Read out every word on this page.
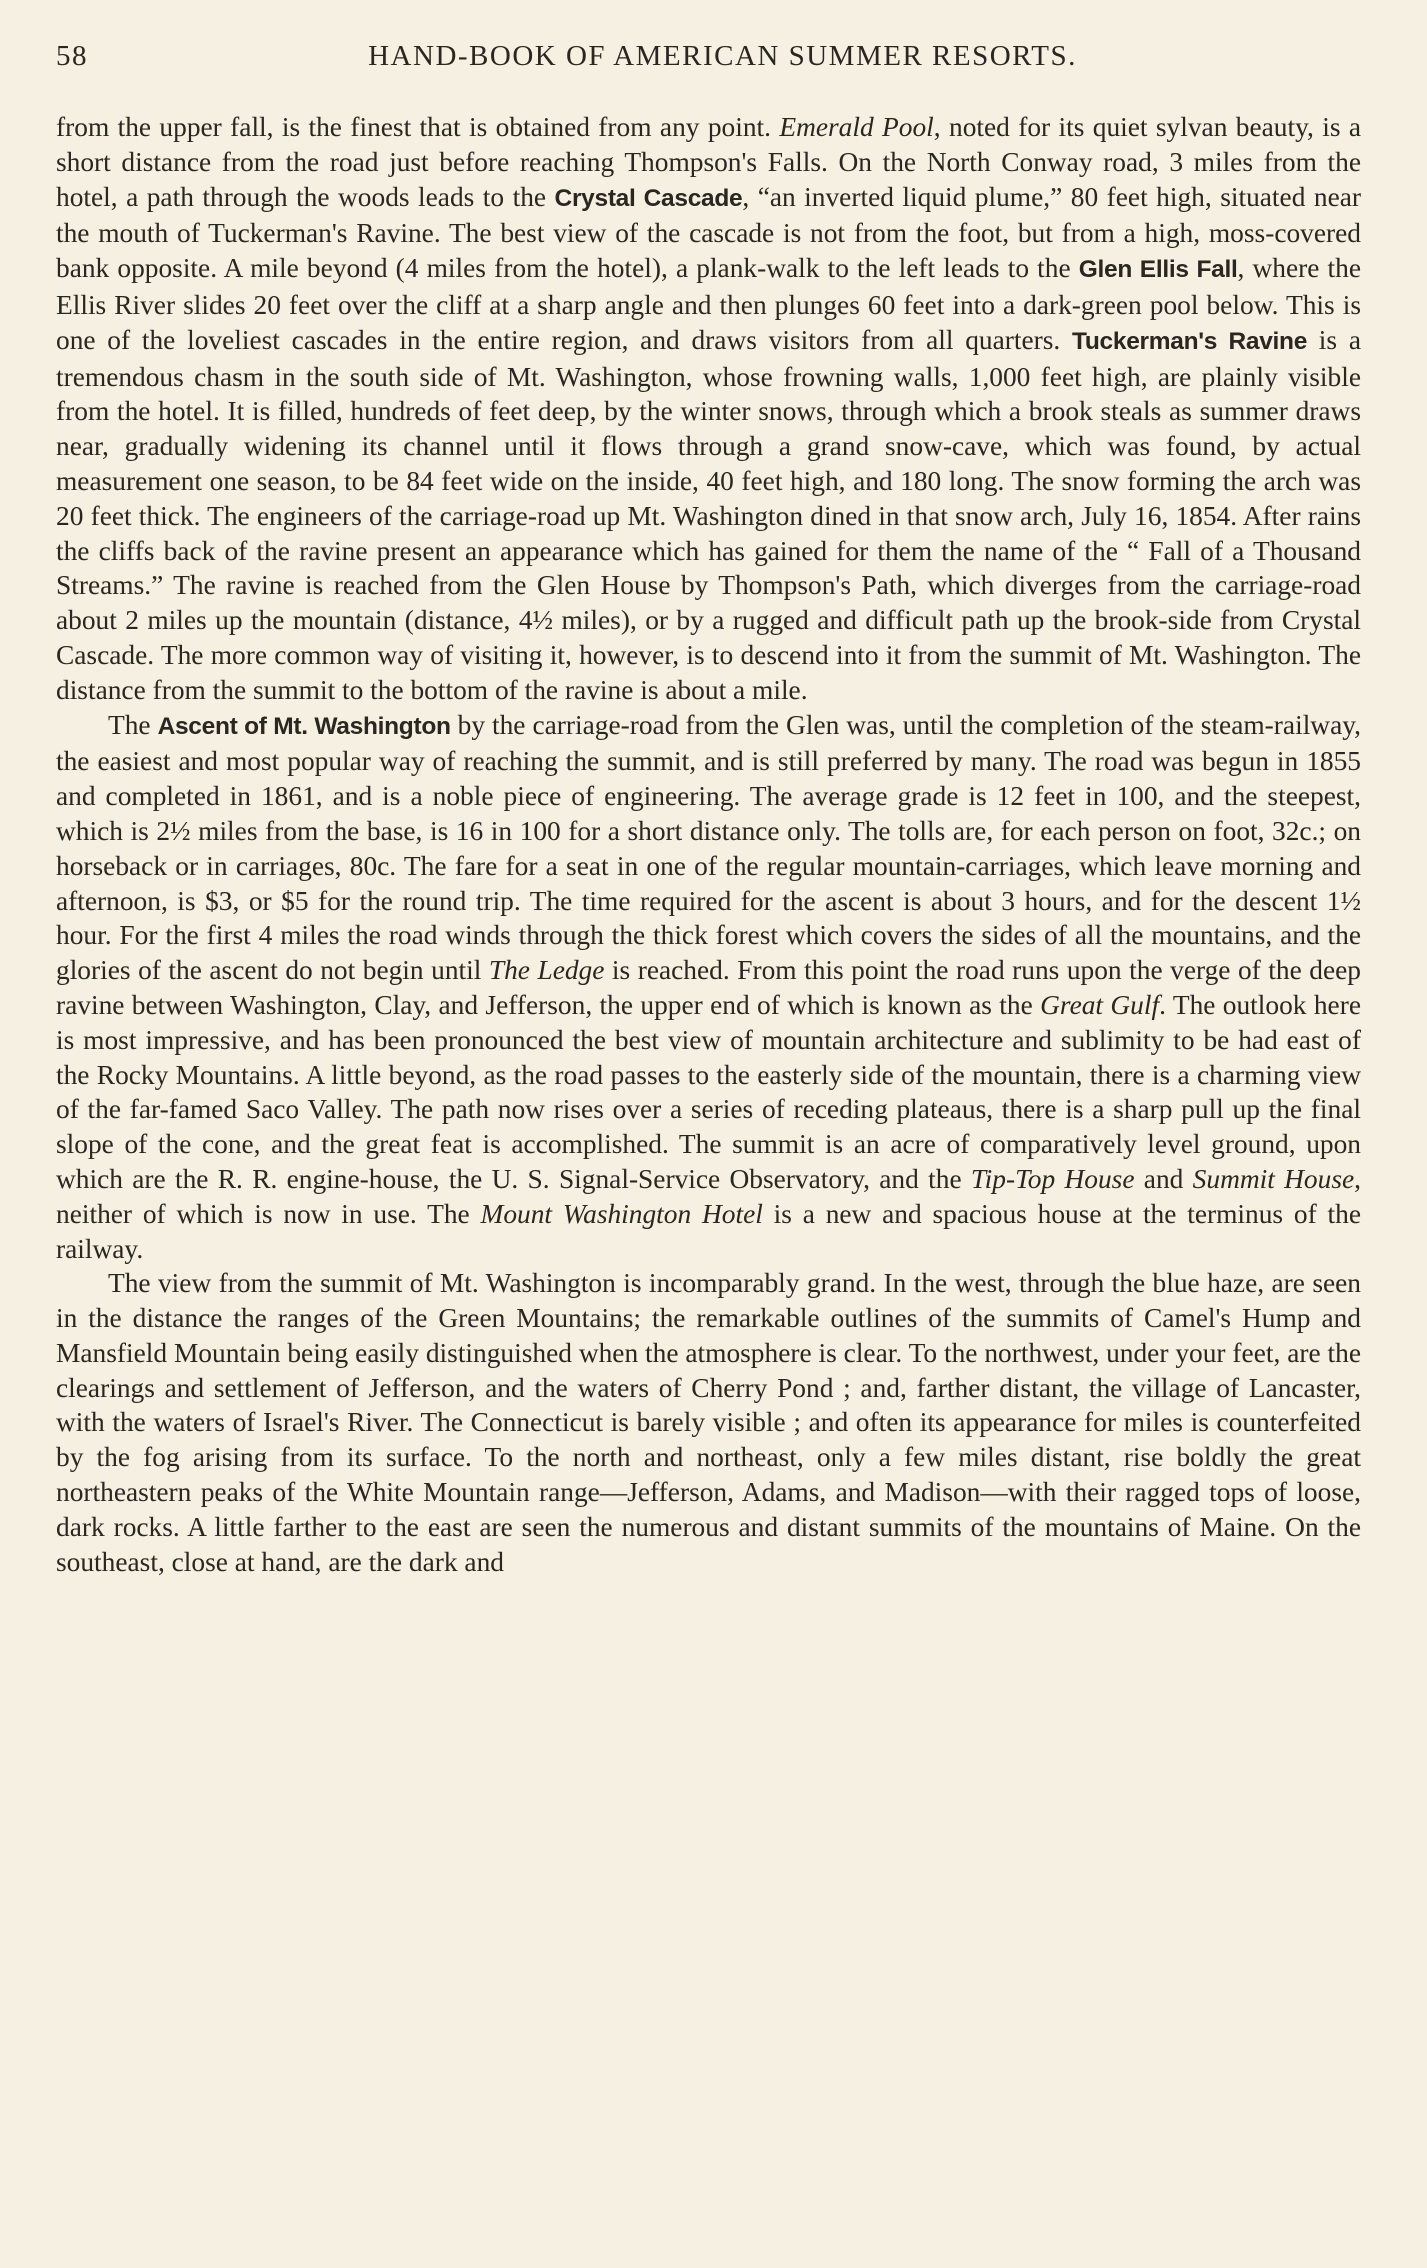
58	HAND-BOOK OF AMERICAN SUMMER RESORTS.

from the upper fall, is the finest that is obtained from any point. Emerald Pool, noted for its quiet sylvan beauty, is a short distance from the road just before reaching Thompson's Falls. On the North Conway road, 3 miles from the hotel, a path through the woods leads to the Crystal Cascade, “an inverted liquid plume,” 80 feet high, situated near the mouth of Tuckerman's Ravine. The best view of the cascade is not from the foot, but from a high, moss-covered bank opposite. A mile beyond (4 miles from the hotel), a plank-walk to the left leads to the Glen Ellis Fall, where the Ellis River slides 20 feet over the cliff at a sharp angle and then plunges 60 feet into a dark-green pool below. This is one of the loveliest cascades in the entire region, and draws visitors from all quarters. Tuckerman's Ravine is a tremendous chasm in the south side of Mt. Washington, whose frowning walls, 1,000 feet high, are plainly visible from the hotel. It is filled, hundreds of feet deep, by the winter snows, through which a brook steals as summer draws near, gradually widening its channel until it flows through a grand snow-cave, which was found, by actual measurement one season, to be 84 feet wide on the inside, 40 feet high, and 180 long. The snow forming the arch was 20 feet thick. The engineers of the carriage-road up Mt. Washington dined in that snow arch, July 16, 1854. After rains the cliffs back of the ravine present an appearance which has gained for them the name of the “ Fall of a Thousand Streams.” The ravine is reached from the Glen House by Thompson's Path, which diverges from the carriage-road about 2 miles up the mountain (distance, 4½ miles), or by a rugged and difficult path up the brook-side from Crystal Cascade. The more common way of visiting it, however, is to descend into it from the summit of Mt. Washington. The distance from the summit to the bottom of the ravine is about a mile.

The Ascent of Mt. Washington by the carriage-road from the Glen was, until the completion of the steam-railway, the easiest and most popular way of reaching the summit, and is still preferred by many. The road was begun in 1855 and completed in 1861, and is a noble piece of engineering. The average grade is 12 feet in 100, and the steepest, which is 2½ miles from the base, is 16 in 100 for a short distance only. The tolls are, for each person on foot, 32c.; on horseback or in carriages, 80c. The fare for a seat in one of the regular mountain-carriages, which leave morning and afternoon, is $3, or $5 for the round trip. The time required for the ascent is about 3 hours, and for the descent 1½ hour. For the first 4 miles the road winds through the thick forest which covers the sides of all the mountains, and the glories of the ascent do not begin until The Ledge is reached. From this point the road runs upon the verge of the deep ravine between Washington, Clay, and Jefferson, the upper end of which is known as the Great Gulf. The outlook here is most impressive, and has been pronounced the best view of mountain architecture and sublimity to be had east of the Rocky Mountains. A little beyond, as the road passes to the easterly side of the mountain, there is a charming view of the far-famed Saco Valley. The path now rises over a series of receding plateaus, there is a sharp pull up the final slope of the cone, and the great feat is accomplished. The summit is an acre of comparatively level ground, upon which are the R. R. engine-house, the U. S. Signal-Service Observatory, and the Tip-Top House and Summit House, neither of which is now in use. The Mount Washington Hotel is a new and spacious house at the terminus of the railway.

The view from the summit of Mt. Washington is incomparably grand. In the west, through the blue haze, are seen in the distance the ranges of the Green Mountains; the remarkable outlines of the summits of Camel's Hump and Mansfield Mountain being easily distinguished when the atmosphere is clear. To the northwest, under your feet, are the clearings and settlement of Jefferson, and the waters of Cherry Pond ; and, farther distant, the village of Lancaster, with the waters of Israel's River. The Connecticut is barely visible ; and often its appearance for miles is counterfeited by the fog arising from its surface. To the north and northeast, only a few miles distant, rise boldly the great northeastern peaks of the White Mountain range—Jefferson, Adams, and Madison—with their ragged tops of loose, dark rocks. A little farther to the east are seen the numerous and distant summits of the mountains of Maine. On the southeast, close at hand, are the dark and
